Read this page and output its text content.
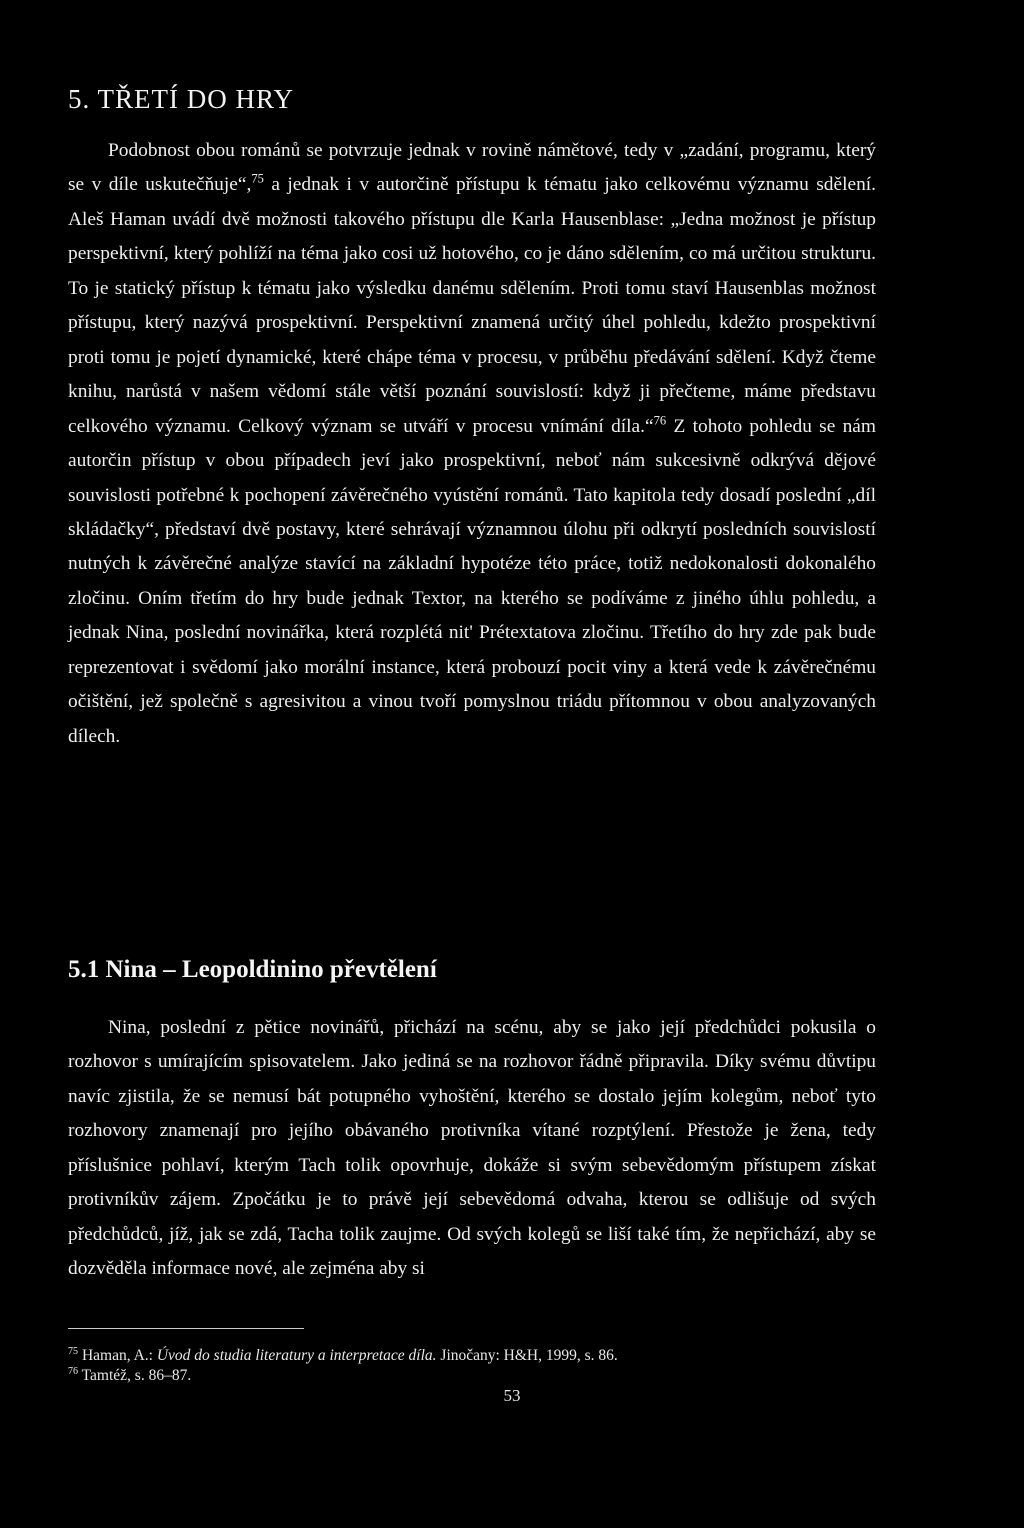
5. TŘETÍ DO HRY

Podobnost obou románů se potvrzuje jednak v rovině námětové, tedy v „zadání, programu, který se v díle uskutečňuje“,$^{75}$ a jednak i v autorčině přístupu k tématu jako celkovému významu sdělení. Aleš Haman uvádí dvě možnosti takového přístupu dle Karla Hausenblase: „Jedna možnost je přístup perspektivní, který pohlíží na téma jako cosi už hotového, co je dáno sdělením, co má určitou strukturu. To je statický přístup k tématu jako výsledku danému sdělením. Proti tomu staví Hausenblas možnost přístupu, který nazývá prospektivní. Perspektivní znamená určitý úhel pohledu, kdežto prospektivní proti tomu je pojetí dynamické, které chápe téma v procesu, v průběhu předávání sdělení. Když čteme knihu, narůstá v našem vědomí stále větší poznání souvislostí: když ji přečteme, máme představu celkového významu. Celkový význam se utváří v procesu vnímání díla.“$^{76}$ Z tohoto pohledu se nám autorčin přístup v obou případech jeví jako prospektivní, neboť nám sukcesivně odkrývá dějové souvislosti potřebné k pochopení závěrečného vyústění románů. Tato kapitola tedy dosadí poslední „díl skládačky“, představí dvě postavy, které sehrávají významnou úlohu při odkrytí posledních souvislostí nutných k závěrečné analýze stavící na základní hypotéze této práce, totiž nedokonalosti dokonalého zločinu. Oním třetím do hry bude jednak Textor, na kterého se podíváme z jiného úhlu pohledu, a jednak Nina, poslední novinářka, která rozplétá nit' Prétextatova zločinu. Třetího do hry zde pak bude reprezentovat i svědomí jako morální instance, která probouzí pocit viny a která vede k závěrečnému očištění, jež společně s agresivitou a vinou tvoří pomyslnou triádu přítomnou v obou analyzovaných dílech.

5.1 Nina – Leopoldinino převtělení

Nina, poslední z pětice novinářů, přichází na scénu, aby se jako její předchůdci pokusila o rozhovor s umírajícím spisovatelem. Jako jediná se na rozhovor řádně připravila. Díky svému důvtipu navíc zjistila, že se nemusí bát potupného vyhoštění, kterého se dostalo jejím kolegům, neboť tyto rozhovory znamenají pro jejího obávaného protivníka vítané rozptýlení. Přestože je žena, tedy příslušnice pohlaví, kterým Tach tolik opovrhuje, dokáže si svým sebevědomým přístupem získat protivníkův zájem. Zpočátku je to právě její sebevědomá odvaha, kterou se odlišuje od svých předchůdců, jíž, jak se zdá, Tacha tolik zaujme. Od svých kolegů se liší také tím, že nepřichází, aby se dozvěděla informace nové, ale zejména aby si

$^{75}$ Haman, A.: Úvod do studia literatury a interpretace díla. Jinočany: H&H, 1999, s. 86.

$^{76}$ Tamtéž, s. 86–87.

53
